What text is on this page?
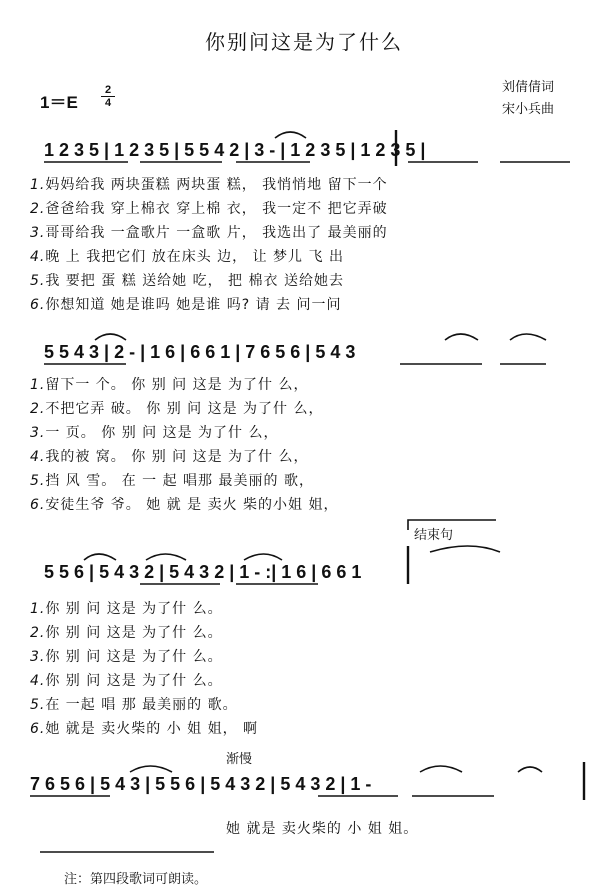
你别问这是为了什么
刘倩倩词
宋小兵曲
1＝E
2
4
1 2 3 5 | 1 2 3 5 | 5 5 4 2 | 3 - | 1 2 3 5 | 1 2 3 5 |
1.妈妈给我 两块蛋糕 两块蛋 糕， 我悄悄地 留下一个
2.爸爸给我 穿上棉衣 穿上棉 衣， 我一定不 把它弄破
3.哥哥给我 一盒歌片 一盒歌 片， 我选出了 最美丽的
4.晚 上 我把它们 放在床头 边， 让 梦儿 飞 出
5.我 要把 蛋 糕 送给她 吃， 把 棉衣 送给她去
6.你想知道 她是谁吗 她是谁 吗? 请 去 问一问
5 5 4 3 | 2 - | 1 6 | 6 6 1 | 7 6 5 6 | 5 4 3
1.留下一 个。 你 别 问 这是 为了什 么，
2.不把它弄 破。 你 别 问 这是 为了什 么，
3.一 页。 你 别 问 这是 为了什 么，
4.我的被 窝。 你 别 问 这是 为了什 么，
5.挡 风 雪。 在 一 起 唱那 最美丽的 歌，
6.安徒生爷 爷。 她 就 是 卖火 柴的小姐 姐，
结束句
5 5 6 | 5 4 3 2 | 5 4 3 2 | 1 - :| 1 6 | 6 6 1
1.你 别 问 这是 为了什 么。
2.你 别 问 这是 为了什 么。
3.你 别 问 这是 为了什 么。
4.你 别 问 这是 为了什 么。
5.在 一起 唱 那 最美丽的 歌。
6.她 就是 卖火柴的 小 姐 姐， 啊
渐慢
7 6 5 6 | 5 4 3 | 5 5 6 | 5 4 3 2 | 5 4 3 2 | 1 -
她 就是 卖火柴的 小 姐 姐。
注：第四段歌词可朗读。
